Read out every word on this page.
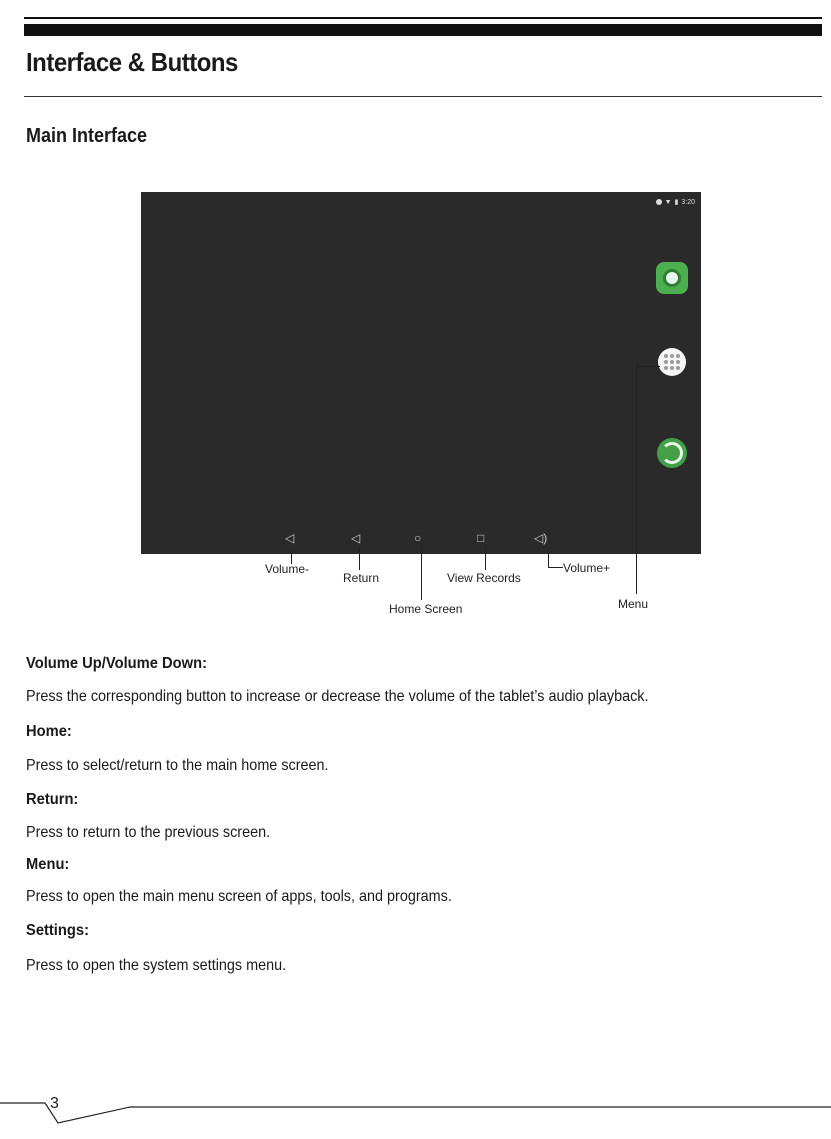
Interface & Buttons
Main Interface
▼ ▮ 3:20
◁	◁	○	□	◁)
Volume-
Return
Home Screen
View Records
Volume+
Menu
Volume Up/Volume Down:
Press the corresponding button to increase or decrease the volume of the tablet’s audio playback.
Home:
Press to select/return to the main home screen.
Return:
Press to return to the previous screen.
Menu:
Press to open the main menu screen of apps, tools, and programs.
Settings:
Press to open the system settings menu.
3
